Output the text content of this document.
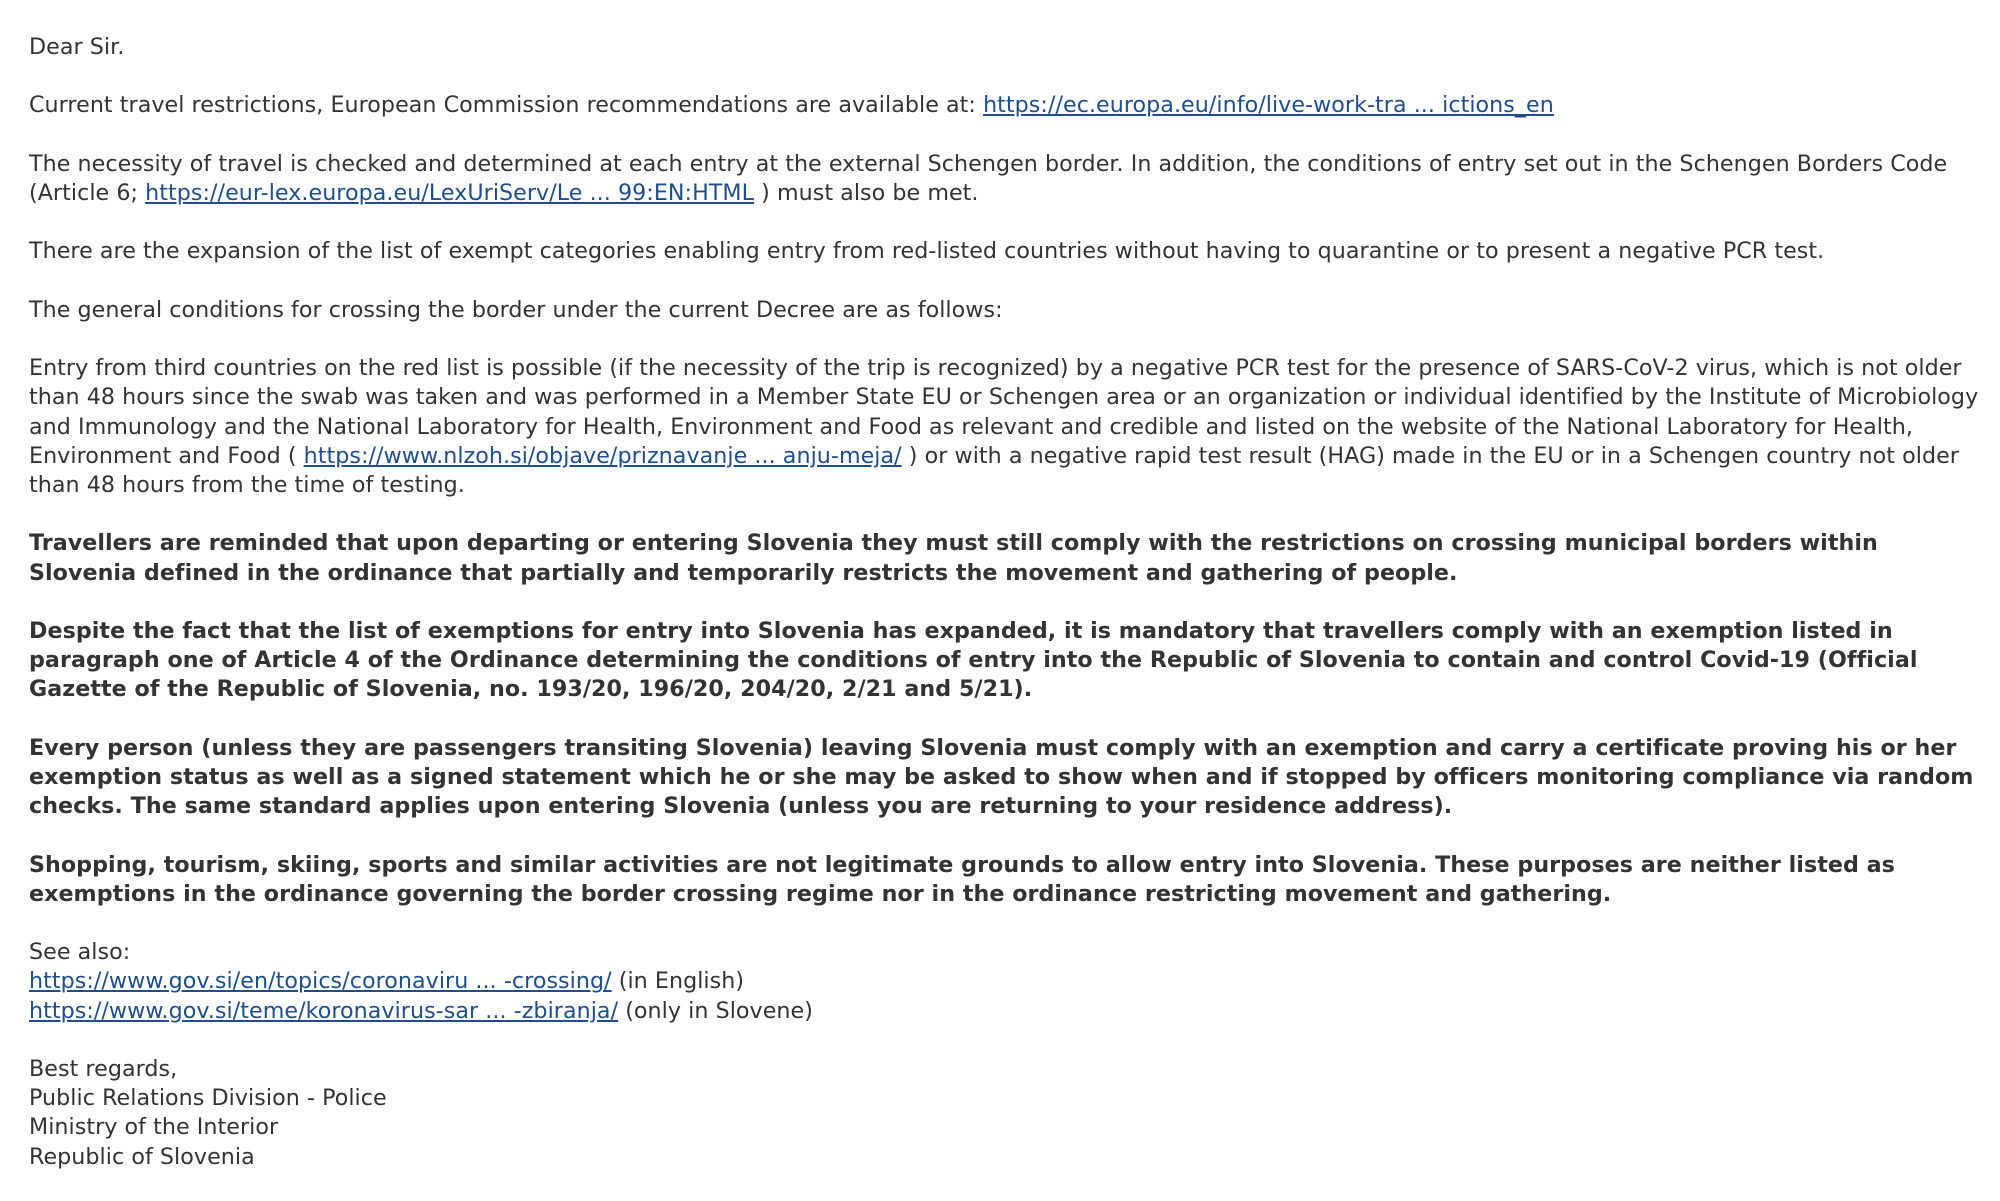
Dear Sir.

Current travel restrictions, European Commission recommendations are available at: https://ec.europa.eu/info/live-work-tra ... ictions_en

The necessity of travel is checked and determined at each entry at the external Schengen border. In addition, the conditions of entry set out in the Schengen Borders Code (Article 6; https://eur-lex.europa.eu/LexUriServ/Le ... 99:EN:HTML ) must also be met.

There are the expansion of the list of exempt categories enabling entry from red-listed countries without having to quarantine or to present a negative PCR test.

The general conditions for crossing the border under the current Decree are as follows:

Entry from third countries on the red list is possible (if the necessity of the trip is recognized) by a negative PCR test for the presence of SARS-CoV-2 virus, which is not older than 48 hours since the swab was taken and was performed in a Member State EU or Schengen area or an organization or individual identified by the Institute of Microbiology and Immunology and the National Laboratory for Health, Environment and Food as relevant and credible and listed on the website of the National Laboratory for Health, Environment and Food ( https://www.nlzoh.si/objave/priznavanje ... anju-meja/ ) or with a negative rapid test result (HAG) made in the EU or in a Schengen country not older than 48 hours from the time of testing.

Travellers are reminded that upon departing or entering Slovenia they must still comply with the restrictions on crossing municipal borders within Slovenia defined in the ordinance that partially and temporarily restricts the movement and gathering of people.

Despite the fact that the list of exemptions for entry into Slovenia has expanded, it is mandatory that travellers comply with an exemption listed in paragraph one of Article 4 of the Ordinance determining the conditions of entry into the Republic of Slovenia to contain and control Covid-19 (Official Gazette of the Republic of Slovenia, no. 193/20, 196/20, 204/20, 2/21 and 5/21).

Every person (unless they are passengers transiting Slovenia) leaving Slovenia must comply with an exemption and carry a certificate proving his or her exemption status as well as a signed statement which he or she may be asked to show when and if stopped by officers monitoring compliance via random checks. The same standard applies upon entering Slovenia (unless you are returning to your residence address).

Shopping, tourism, skiing, sports and similar activities are not legitimate grounds to allow entry into Slovenia. These purposes are neither listed as exemptions in the ordinance governing the border crossing regime nor in the ordinance restricting movement and gathering.

See also:
https://www.gov.si/en/topics/coronaviru ... -crossing/ (in English)
https://www.gov.si/teme/koronavirus-sar ... -zbiranja/ (only in Slovene)

Best regards,
Public Relations Division - Police
Ministry of the Interior
Republic of Slovenia
